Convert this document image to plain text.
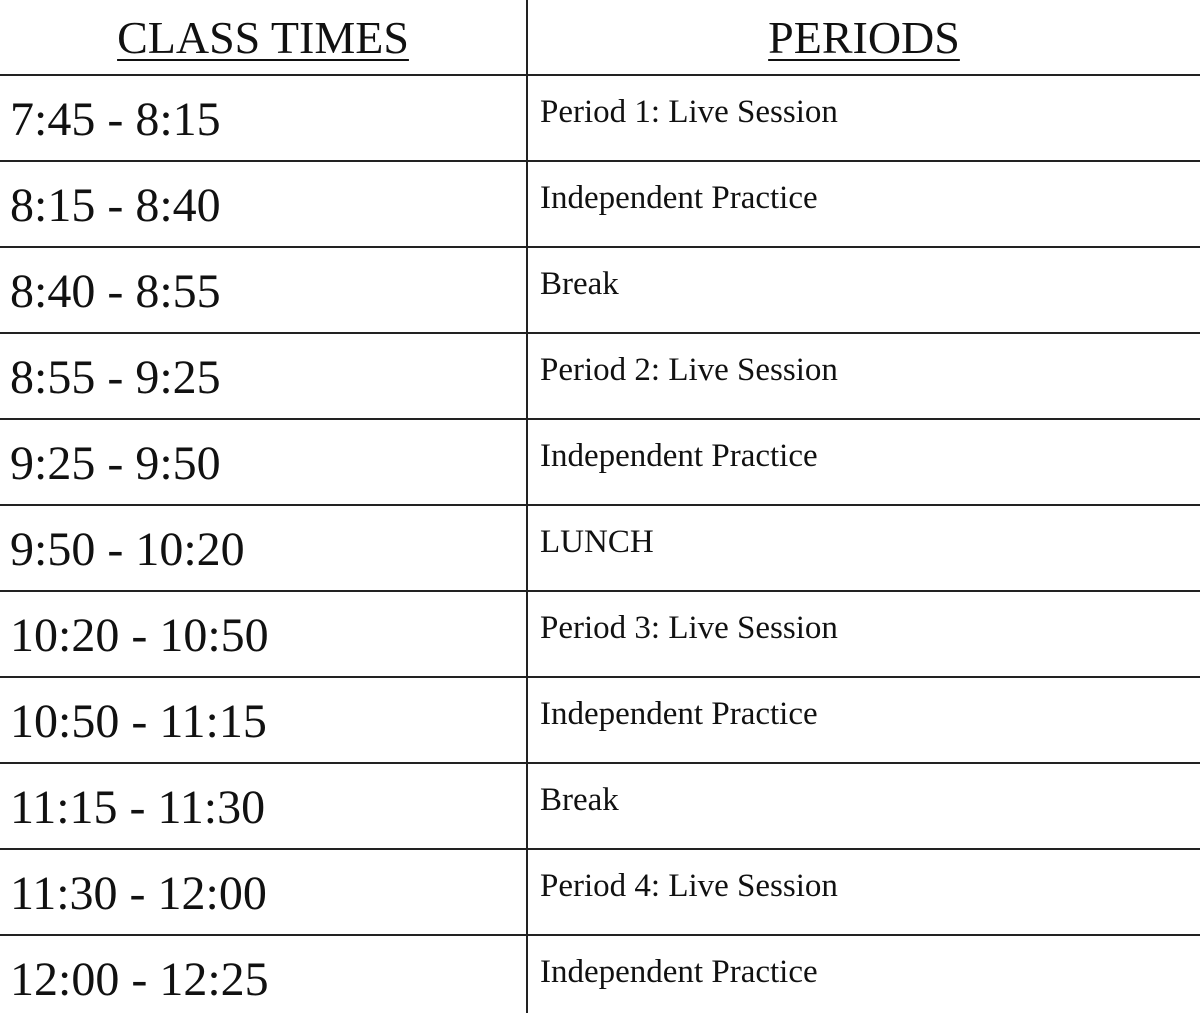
CLASS TIMES	PERIODS
7:45 - 8:15	Period 1: Live Session
8:15 - 8:40	Independent Practice
8:40 - 8:55	Break
8:55 - 9:25	Period 2: Live Session
9:25 - 9:50	Independent Practice
9:50 - 10:20	LUNCH
10:20 - 10:50	Period 3: Live Session
10:50 - 11:15	Independent Practice
11:15 - 11:30	Break
11:30 - 12:00	Period 4: Live Session
12:00 - 12:25	Independent Practice
